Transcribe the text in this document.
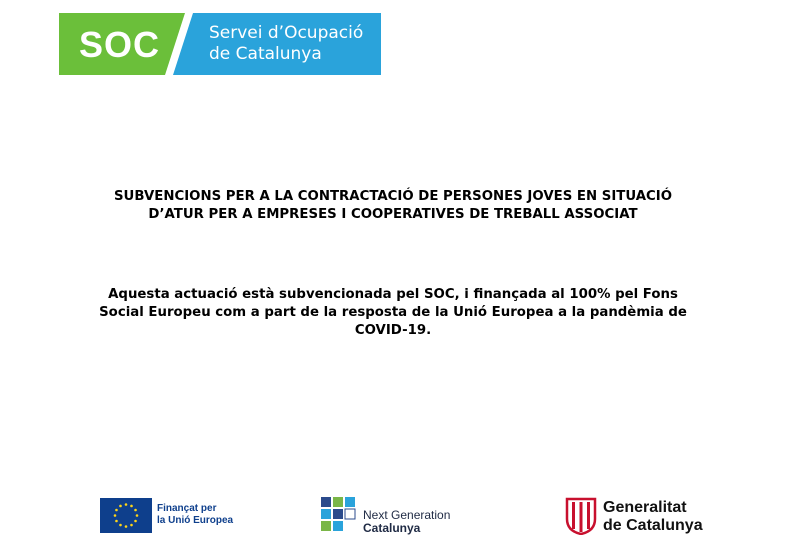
SOC	Servei d’Ocupació
de Catalunya
SUBVENCIONS PER A LA CONTRACTACIÓ DE PERSONES JOVES EN SITUACIÓ
D’ATUR PER A EMPRESES I COOPERATIVES DE TREBALL ASSOCIAT
Aquesta actuació està subvencionada pel SOC, i finançada al 100% pel Fons
Social Europeu com a part de la resposta de la Unió Europea a la pandèmia de
COVID-19.
Finançat per
la Unió Europea	Next Generation
Catalunya
Generalitat
de Catalunya
